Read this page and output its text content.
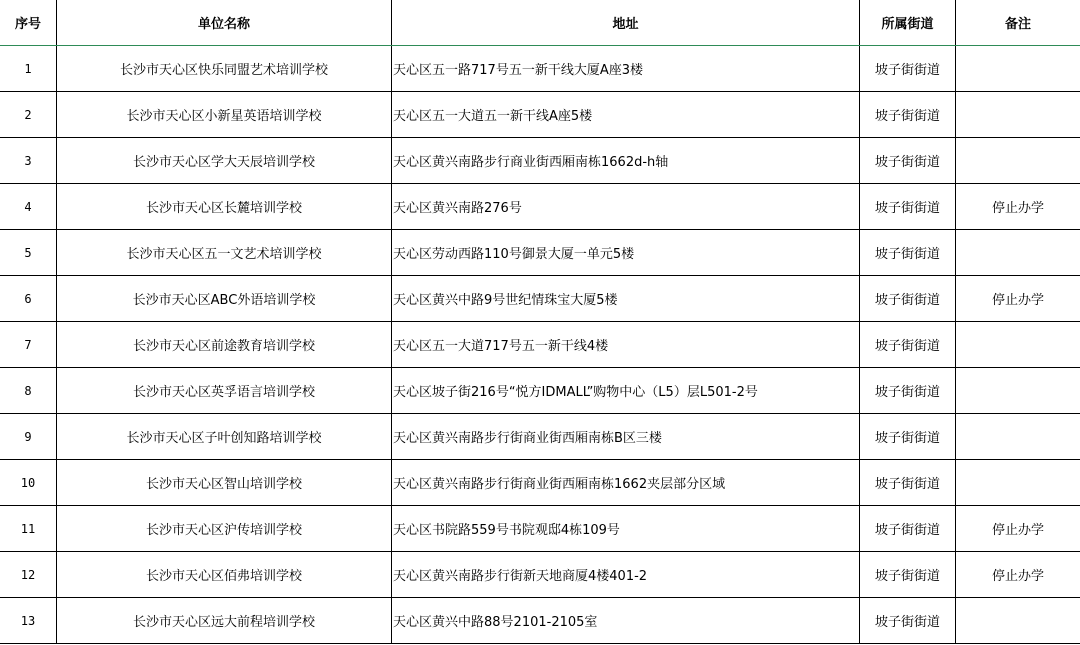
序号	单位名称	地址	所属街道	备注
1	长沙市天心区快乐同盟艺术培训学校	天心区五一路717号五一新干线大厦A座3楼	坡子街街道	
2	长沙市天心区小新星英语培训学校	天心区五一大道五一新干线A座5楼	坡子街街道	
3	长沙市天心区学大天辰培训学校	天心区黄兴南路步行商业街西厢南栋1662d-h轴	坡子街街道	
4	长沙市天心区长麓培训学校	天心区黄兴南路276号	坡子街街道	停止办学
5	长沙市天心区五一文艺术培训学校	天心区劳动西路110号御景大厦一单元5楼	坡子街街道	
6	长沙市天心区ABC外语培训学校	天心区黄兴中路9号世纪情珠宝大厦5楼	坡子街街道	停止办学
7	长沙市天心区前途教育培训学校	天心区五一大道717号五一新干线4楼	坡子街街道	
8	长沙市天心区英孚语言培训学校	天心区坡子街216号“悦方IDMALL”购物中心（L5）层L501-2号	坡子街街道	
9	长沙市天心区子叶创知路培训学校	天心区黄兴南路步行街商业街西厢南栋B区三楼	坡子街街道	
10	长沙市天心区智山培训学校	天心区黄兴南路步行街商业街西厢南栋1662夹层部分区域	坡子街街道	
11	长沙市天心区沪传培训学校	天心区书院路559号书院观邸4栋109号	坡子街街道	停止办学
12	长沙市天心区佰弗培训学校	天心区黄兴南路步行街新天地商厦4楼401-2	坡子街街道	停止办学
13	长沙市天心区远大前程培训学校	天心区黄兴中路88号2101-2105室	坡子街街道	
